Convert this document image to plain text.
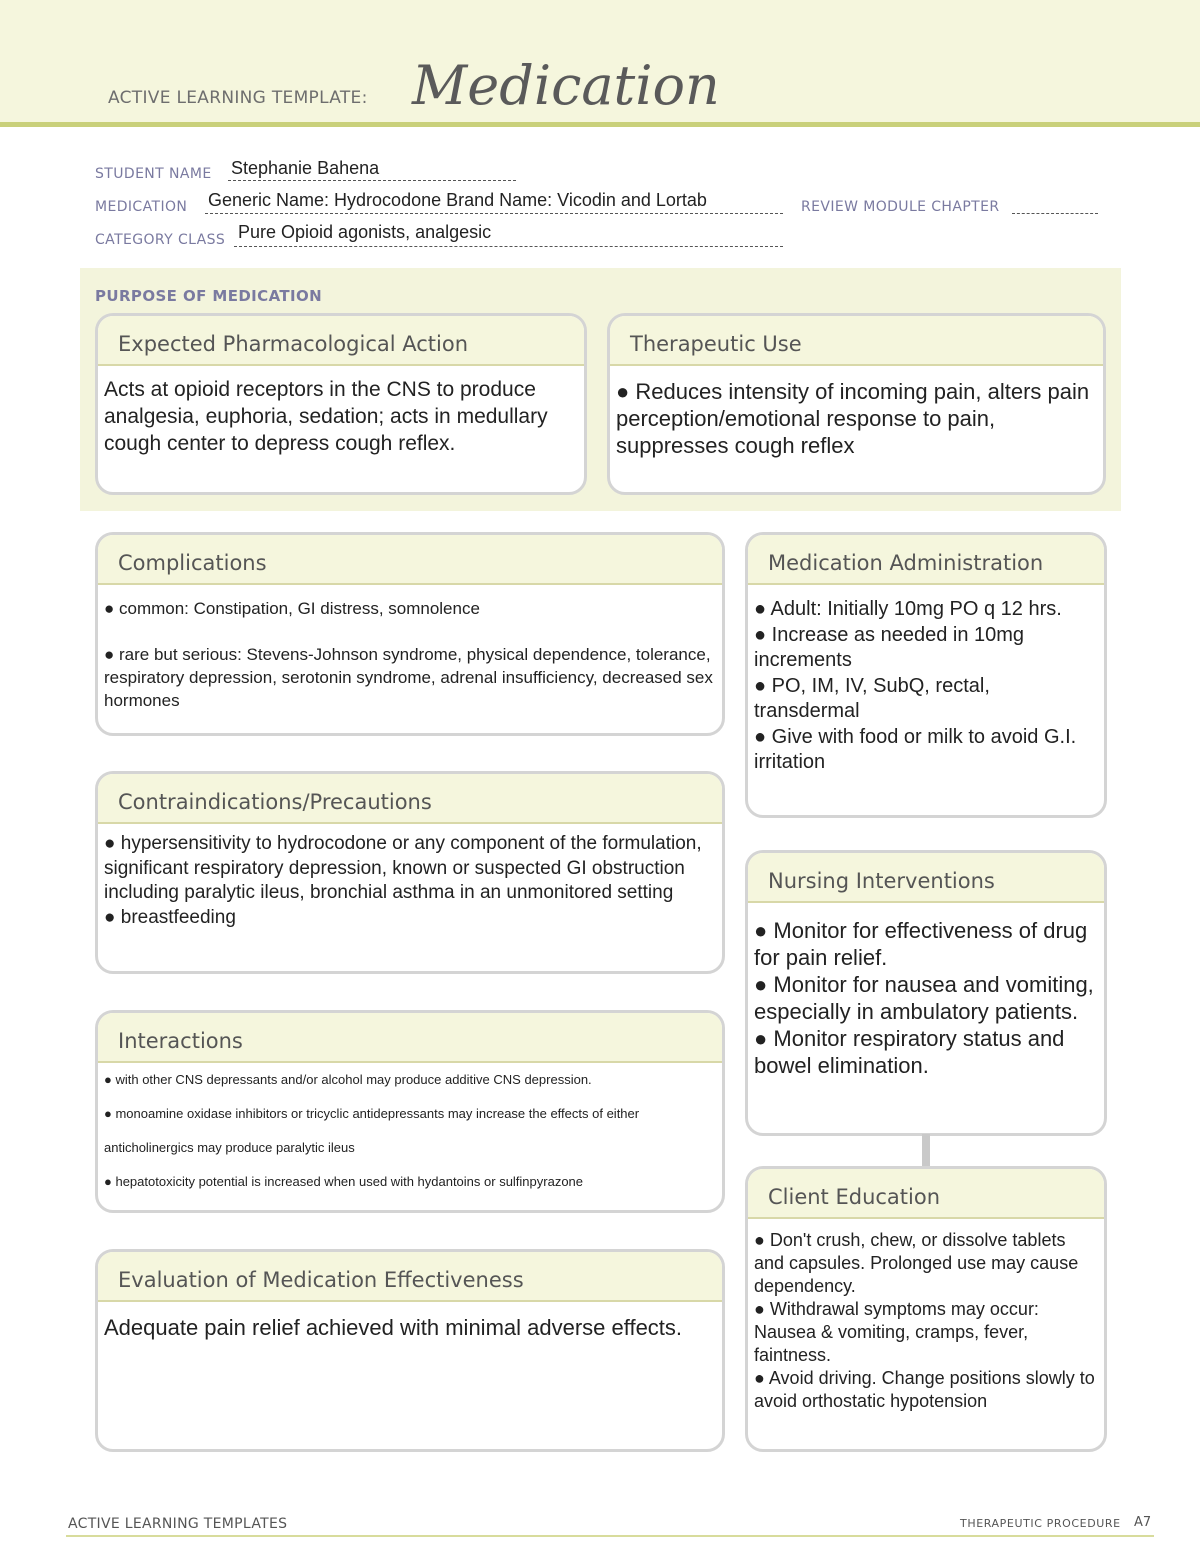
ACTIVE LEARNING TEMPLATE: Medication
STUDENT NAME Stephanie Bahena
MEDICATION Generic Name: Hydrocodone Brand Name: Vicodin and Lortab	REVIEW MODULE CHAPTER
CATEGORY CLASS Pure Opioid agonists, analgesic
PURPOSE OF MEDICATION
Expected Pharmacological Action

Acts at opioid receptors in the CNS to produce analgesia, euphoria, sedation; acts in medullary cough center to depress cough reflex.

Therapeutic Use

● Reduces intensity of incoming pain, alters pain perception/emotional response to pain, suppresses cough reflex

Complications

● common: Constipation, GI distress, somnolence

● rare but serious: Stevens-Johnson syndrome, physical dependence, tolerance, respiratory depression, serotonin syndrome, adrenal insufficiency, decreased sex hormones

Medication Administration

● Adult: Initially 10mg PO q 12 hrs.

● Increase as needed in 10mg increments

● PO, IM, IV, SubQ, rectal, transdermal

● Give with food or milk to avoid G.I. irritation

Contraindications/Precautions

● hypersensitivity to hydrocodone or any component of the formulation, significant respiratory depression, known or suspected GI obstruction including paralytic ileus, bronchial asthma in an unmonitored setting

● breastfeeding

Nursing Interventions

● Monitor for effectiveness of drug for pain relief.

● Monitor for nausea and vomiting, especially in ambulatory patients.

● Monitor respiratory status and bowel elimination.

Interactions

● with other CNS depressants and/or alcohol may produce additive CNS depression.

● monoamine oxidase inhibitors or tricyclic antidepressants may increase the effects of either

anticholinergics may produce paralytic ileus

● hepatotoxicity potential is increased when used with hydantoins or sulfinpyrazone

Client Education

● Don't crush, chew, or dissolve tablets and capsules. Prolonged use may cause dependency.

● Withdrawal symptoms may occur: Nausea & vomiting, cramps, fever, faintness.

● Avoid driving. Change positions slowly to avoid orthostatic hypotension

Evaluation of Medication Effectiveness

Adequate pain relief achieved with minimal adverse effects.

ACTIVE LEARNING TEMPLATES	THERAPEUTIC PROCEDURE A7
